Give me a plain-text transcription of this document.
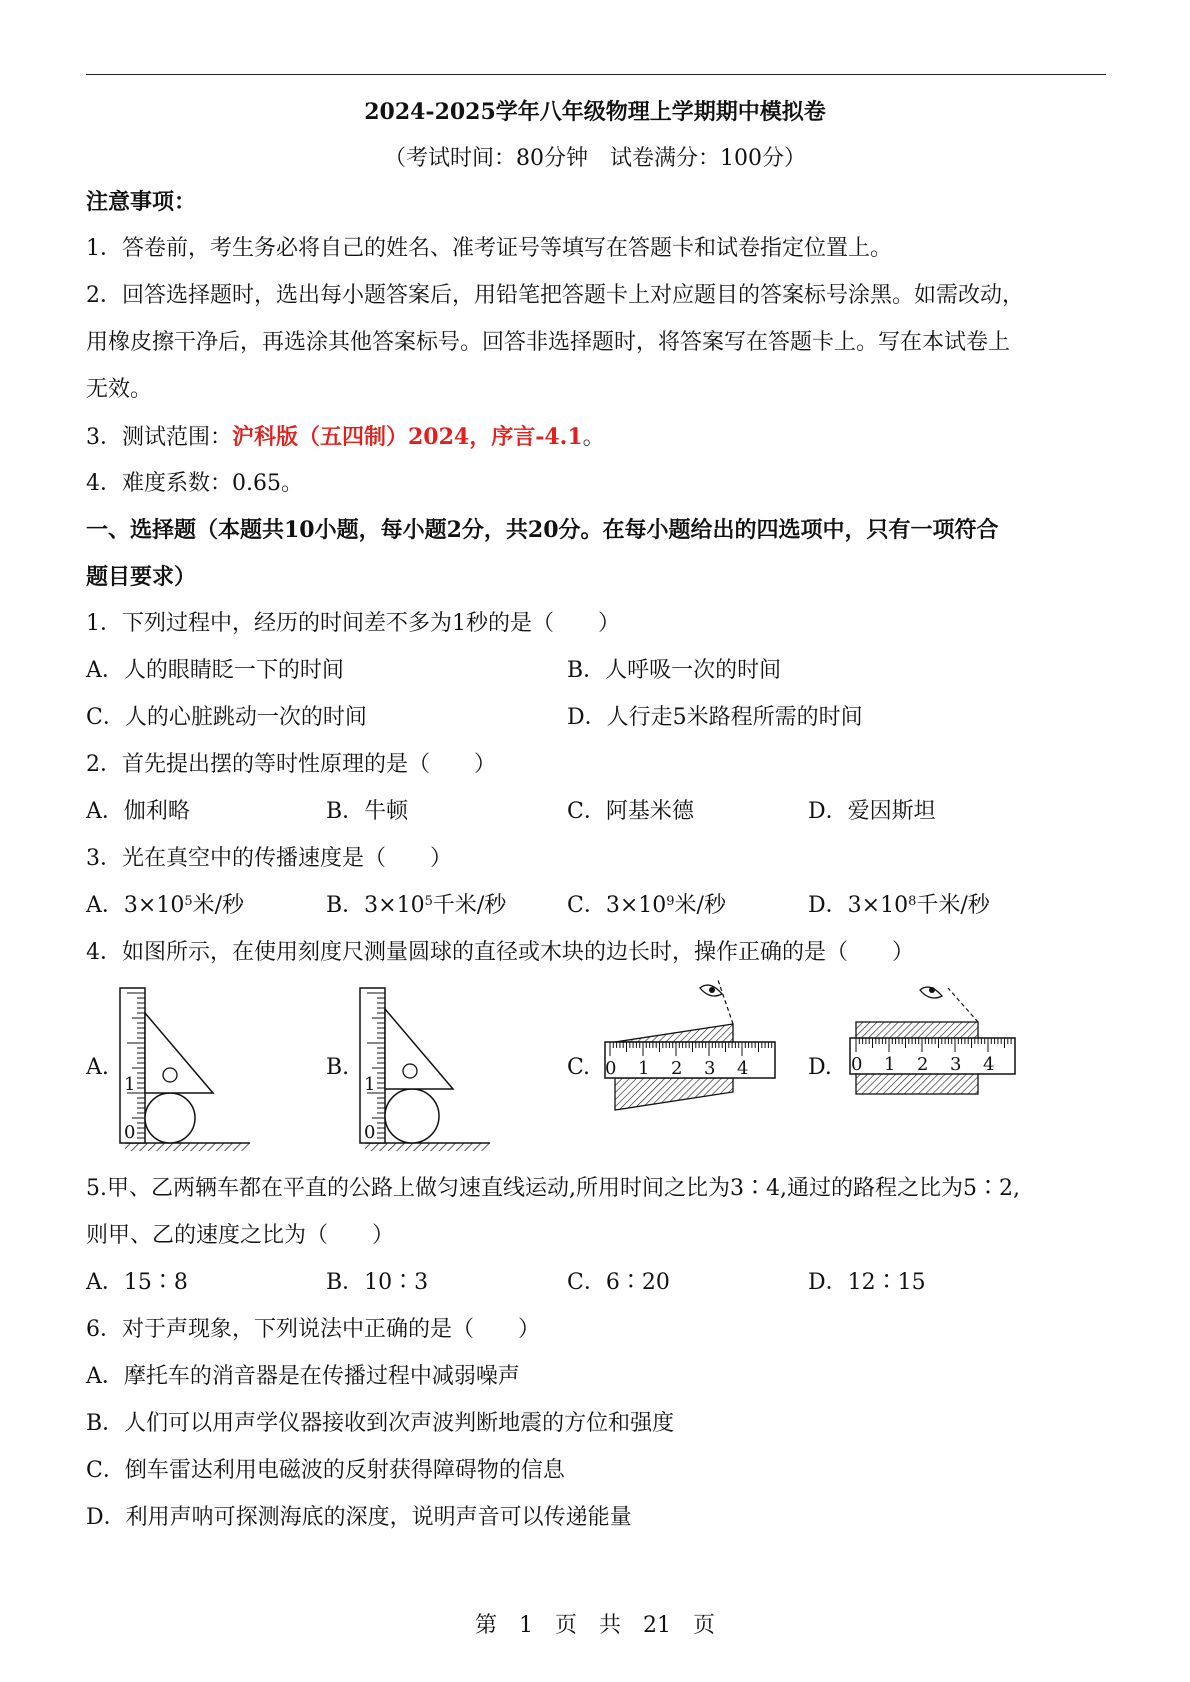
2024-2025学年八年级物理上学期期中模拟卷
（考试时间：80分钟　试卷满分：100分）
注意事项：
1．答卷前，考生务必将自己的姓名、准考证号等填写在答题卡和试卷指定位置上。
2．回答选择题时，选出每小题答案后，用铅笔把答题卡上对应题目的答案标号涂黑。如需改动，
用橡皮擦干净后，再选涂其他答案标号。回答非选择题时，将答案写在答题卡上。写在本试卷上
无效。
3．测试范围：沪科版（五四制）2024，序言-4.1。
4．难度系数：0.65。
一、选择题（本题共10小题，每小题2分，共20分。在每小题给出的四选项中，只有一项符合
题目要求）
1．下列过程中，经历的时间差不多为1秒的是（　　）
A．人的眼睛眨一下的时间	B．人呼吸一次的时间
C．人的心脏跳动一次的时间	D．人行走5米路程所需的时间
2．首先提出摆的等时性原理的是（　　）
A．伽利略	B．牛顿	C．阿基米德	D．爱因斯坦
3．光在真空中的传播速度是（　　）
A．$3\times 10^5$米/秒	B．$3\times 10^5$千米/秒	C．$3\times 10^9$米/秒	D．$3\times 10^8$千米/秒
4．如图所示，在使用刻度尺测量圆球的直径或木块的边长时，操作正确的是（　　）
A.	B.	C.	D.
0
1
0
1
0 1 2 3 4	0 1 2 3 4
5.甲、乙两辆车都在平直的公路上做匀速直线运动,所用时间之比为3∶4,通过的路程之比为5∶2,
则甲、乙的速度之比为（　　）
A．15∶8	B．10∶3	C．6∶20	D．12∶15
6．对于声现象，下列说法中正确的是（　　）
A．摩托车的消音器是在传播过程中减弱噪声
B．人们可以用声学仪器接收到次声波判断地震的方位和强度
C．倒车雷达利用电磁波的反射获得障碍物的信息
D．利用声呐可探测海底的深度，说明声音可以传递能量
第　1　页　共　21　页
